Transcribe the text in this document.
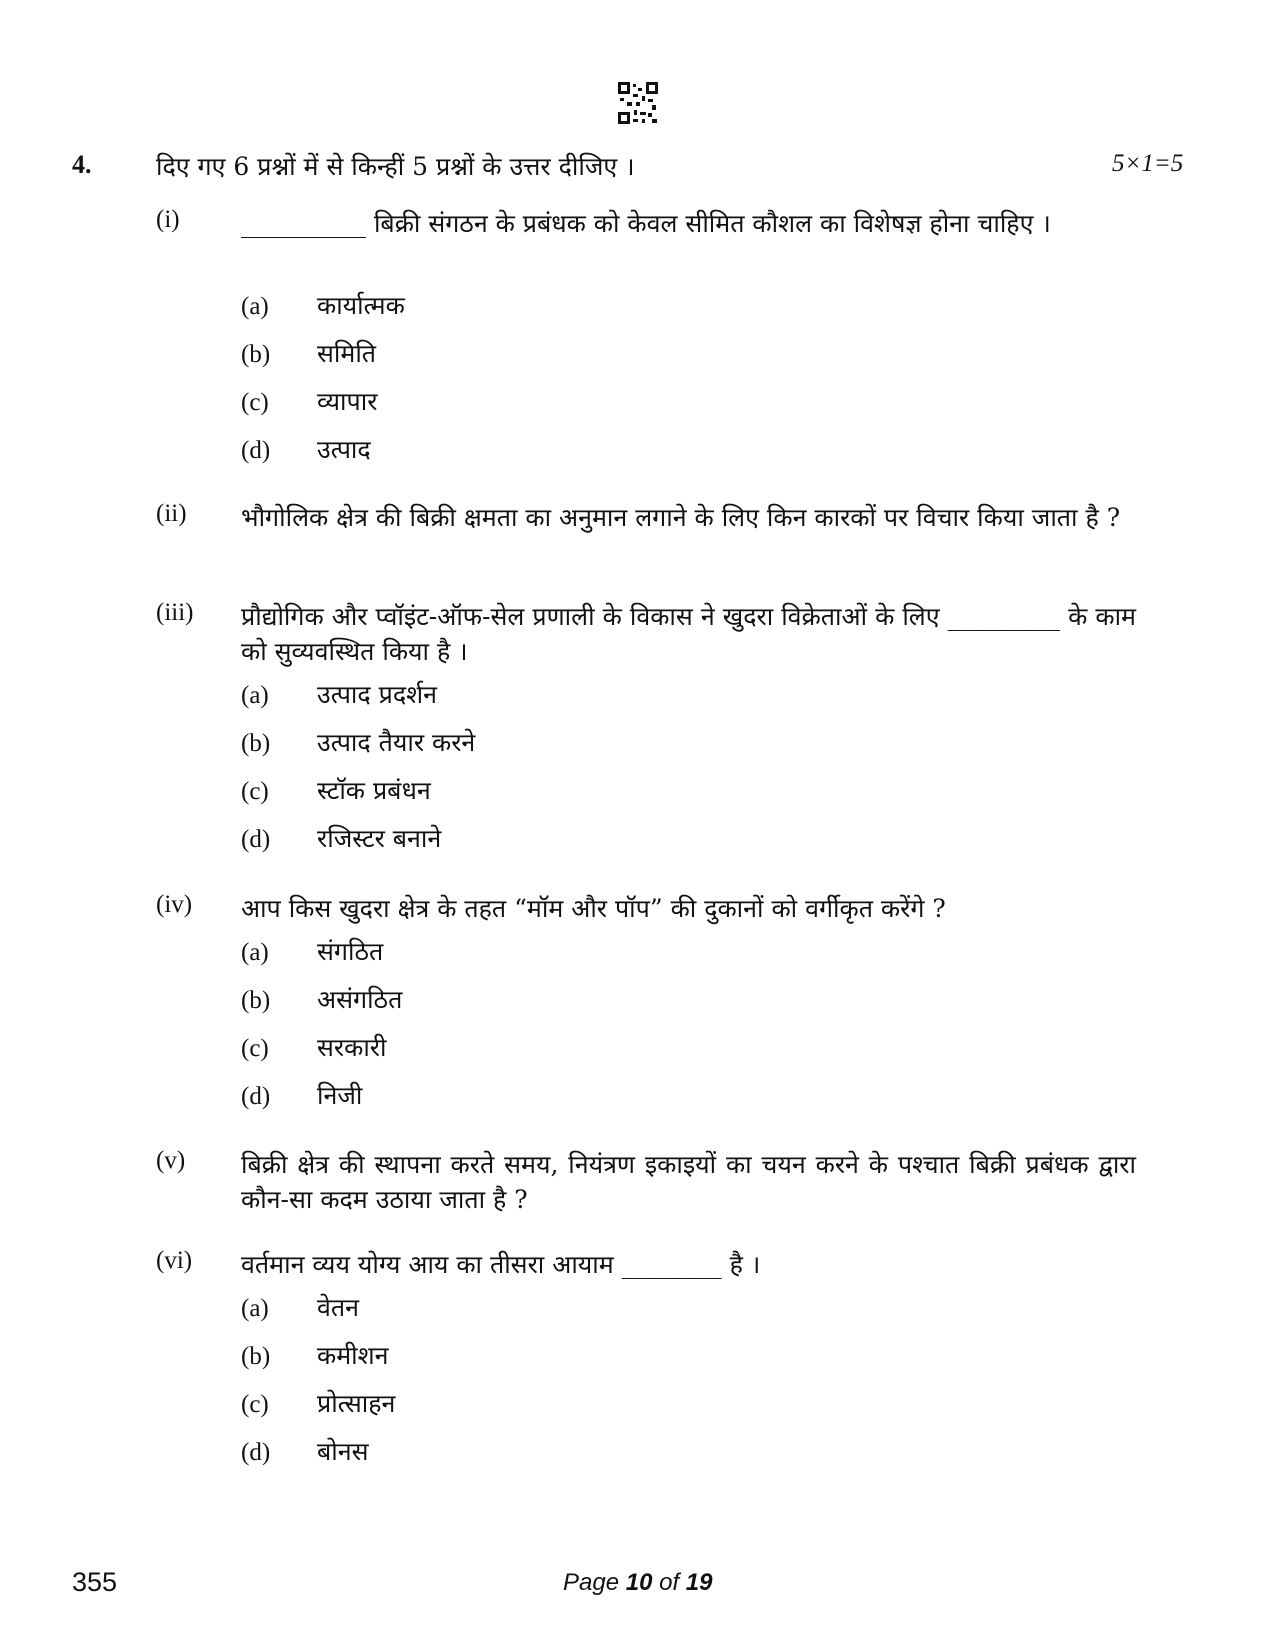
4.	दिए गए 6 प्रश्नों में से किन्हीं 5 प्रश्नों के उत्तर दीजिए ।	5×1=5
(i) __________ बिक्री संगठन के प्रबंधक को केवल सीमित कौशल का विशेषज्ञ होना चाहिए ।
(a) कार्यात्मक
(b) समिति
(c) व्यापार
(d) उत्पाद
(ii) भौगोलिक क्षेत्र की बिक्री क्षमता का अनुमान लगाने के लिए किन कारकों पर विचार किया जाता है ?
(iii) प्रौद्योगिक और प्वॉइंट-ऑफ-सेल प्रणाली के विकास ने खुदरा विक्रेताओं के लिए _________ के काम को सुव्यवस्थित किया है ।
(a) उत्पाद प्रदर्शन
(b) उत्पाद तैयार करने
(c) स्टॉक प्रबंधन
(d) रजिस्टर बनाने
(iv) आप किस खुदरा क्षेत्र के तहत “मॉम और पॉप” की दुकानों को वर्गीकृत करेंगे ?
(a) संगठित
(b) असंगठित
(c) सरकारी
(d) निजी
(v) बिक्री क्षेत्र की स्थापना करते समय, नियंत्रण इकाइयों का चयन करने के पश्चात बिक्री प्रबंधक द्वारा कौन-सा कदम उठाया जाता है ?
(vi) वर्तमान व्यय योग्य आय का तीसरा आयाम ________ है ।
(a) वेतन
(b) कमीशन
(c) प्रोत्साहन
(d) बोनस
355	Page 10 of 19
